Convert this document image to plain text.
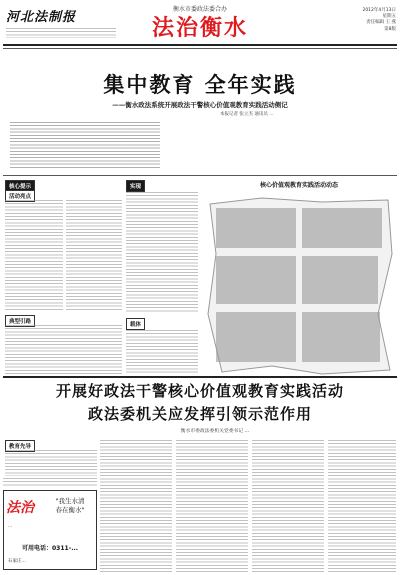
河北法制报
衡水市委政法委合办
法治衡水
2012年4月13日
星期五
责任编辑 王 燕
第8版
集中教育 全年实践
——衡水政法系统开展政法干警核心价值观教育实践活动侧记
本报记者 张立杰 通讯员 ...
核心提示
活动亮点
典型引路
实现
载体
核心价值观教育实践活动动态
开展好政法干警核心价值观教育实践活动
政法委机关应发挥引领示范作用
衡水市委政法委机关党委书记 ...
教育先导
法治	"我生水清
春在衡水"
...
可用电话：0311-...
石家庄...
